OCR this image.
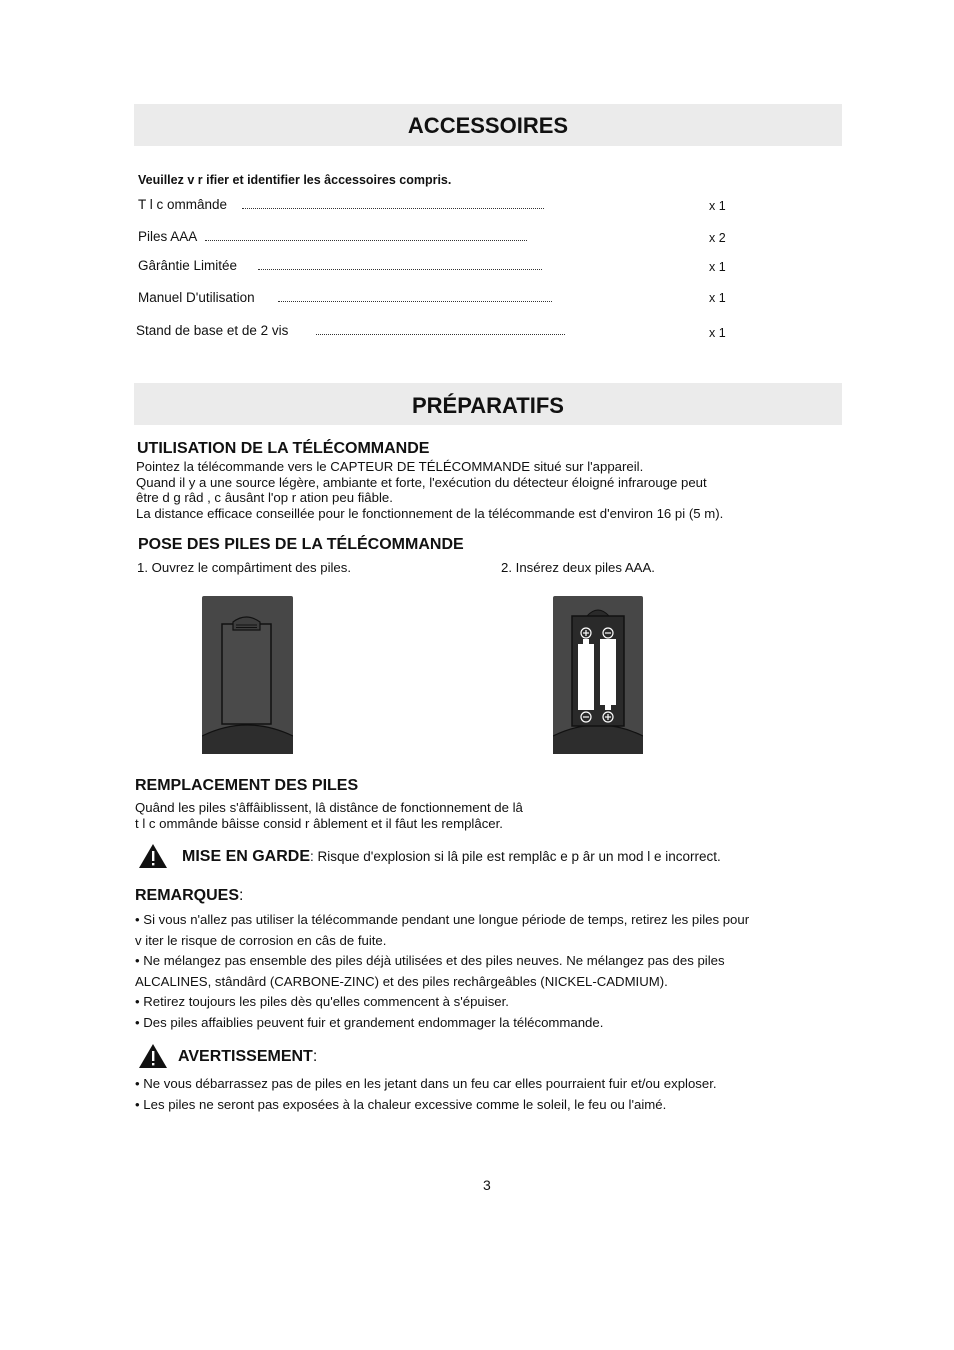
ACCESSOIRES
Veuillez v r ifier et identifier les âccessoires compris.
T l c ommânde	x 1
Piles AAA	x 2
Gârântie Limitée	x 1
Manuel D'utilisation	x 1
Stand de base et de 2 vis	x 1
PRÉPARATIFS
UTILISATION DE LA TÉLÉCOMMANDE
Pointez la télécommande vers le CAPTEUR DE TÉLÉCOMMANDE situé sur l'appareil.
Quand il y a une source légère, ambiante et forte, l'exécution du détecteur éloigné infrarouge peut
être d g râd , c âusânt l'op r ation peu fiâble.
La distance efficace conseillée pour le fonctionnement de la télécommande est d'environ 16 pi (5 m).
POSE DES PILES DE LA TÉLÉCOMMANDE
1. Ouvrez le compârtiment des piles.	2. Insérez deux piles AAA.
REMPLACEMENT DES PILES
Quând les piles s'âffâiblissent, lâ distânce de fonctionnement de lâ
t l c ommânde bâisse consid r âblement et il fâut les remplâcer.
MISE EN GARDE: Risque d'explosion si lâ pile est remplâc e p âr un mod l e incorrect.
REMARQUES:
• Si vous n'allez pas utiliser la télécommande pendant une longue période de temps, retirez les piles pour
v iter le risque de corrosion en câs de fuite.
• Ne mélangez pas ensemble des piles déjà utilisées et des piles neuves. Ne mélangez pas des piles
ALCALINES, stândârd (CARBONE-ZINC) et des piles rechârgeâbles (NICKEL-CADMIUM).
• Retirez toujours les piles dès qu'elles commencent à s'épuiser.
• Des piles affaiblies peuvent fuir et grandement endommager la télécommande.
AVERTISSEMENT:
• Ne vous débarrassez pas de piles en les jetant dans un feu car elles pourraient fuir et/ou exploser.
• Les piles ne seront pas exposées à la chaleur excessive comme le soleil, le feu ou l'aimé.
3
